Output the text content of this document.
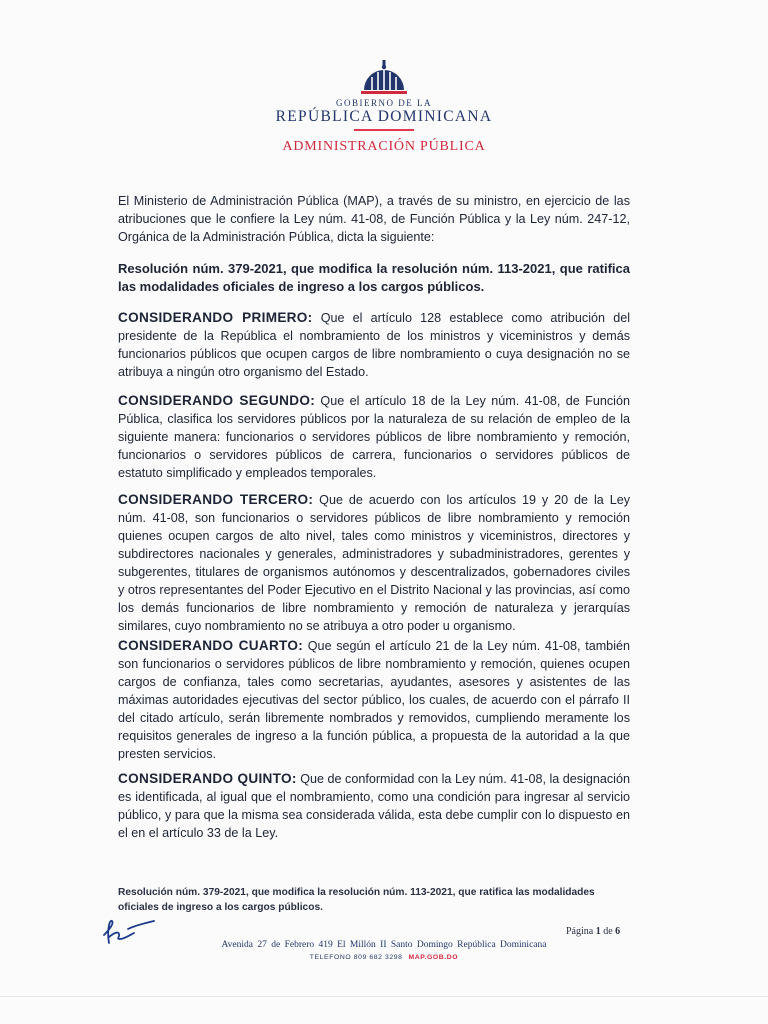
GOBIERNO DE LA
REPÚBLICA DOMINICANA
ADMINISTRACIÓN PÚBLICA
El Ministerio de Administración Pública (MAP), a través de su ministro, en ejercicio de las atribuciones que le confiere la Ley núm. 41-08, de Función Pública y la Ley núm. 247-12, Orgánica de la Administración Pública, dicta la siguiente:
Resolución núm. 379-2021, que modifica la resolución núm. 113-2021, que ratifica las modalidades oficiales de ingreso a los cargos públicos.
CONSIDERANDO PRIMERO: Que el artículo 128 establece como atribución del presidente de la República el nombramiento de los ministros y viceministros y demás funcionarios públicos que ocupen cargos de libre nombramiento o cuya designación no se atribuya a ningún otro organismo del Estado.
CONSIDERANDO SEGUNDO: Que el artículo 18 de la Ley núm. 41-08, de Función Pública, clasifica los servidores públicos por la naturaleza de su relación de empleo de la siguiente manera: funcionarios o servidores públicos de libre nombramiento y remoción, funcionarios o servidores públicos de carrera, funcionarios o servidores públicos de estatuto simplificado y empleados temporales.
CONSIDERANDO TERCERO: Que de acuerdo con los artículos 19 y 20 de la Ley núm. 41-08, son funcionarios o servidores públicos de libre nombramiento y remoción quienes ocupen cargos de alto nivel, tales como ministros y viceministros, directores y subdirectores nacionales y generales, administradores y subadministradores, gerentes y subgerentes, titulares de organismos autónomos y descentralizados, gobernadores civiles y otros representantes del Poder Ejecutivo en el Distrito Nacional y las provincias, así como los demás funcionarios de libre nombramiento y remoción de naturaleza y jerarquías similares, cuyo nombramiento no se atribuya a otro poder u organismo.
CONSIDERANDO CUARTO: Que según el artículo 21 de la Ley núm. 41-08, también son funcionarios o servidores públicos de libre nombramiento y remoción, quienes ocupen cargos de confianza, tales como secretarias, ayudantes, asesores y asistentes de las máximas autoridades ejecutivas del sector público, los cuales, de acuerdo con el párrafo II del citado artículo, serán libremente nombrados y removidos, cumpliendo meramente los requisitos generales de ingreso a la función pública, a propuesta de la autoridad a la que presten servicios.
CONSIDERANDO QUINTO: Que de conformidad con la Ley núm. 41-08, la designación es identificada, al igual que el nombramiento, como una condición para ingresar al servicio público, y para que la misma sea considerada válida, esta debe cumplir con lo dispuesto en el en el artículo 33 de la Ley.
Resolución núm. 379-2021, que modifica la resolución núm. 113-2021, que ratifica las modalidades oficiales de ingreso a los cargos públicos.
Página 1 de 6
Avenida 27 de Febrero 419 El Millón II Santo Domingo República Dominicana
TELEFONO 809 682 3298 MAP.GOB.DO
